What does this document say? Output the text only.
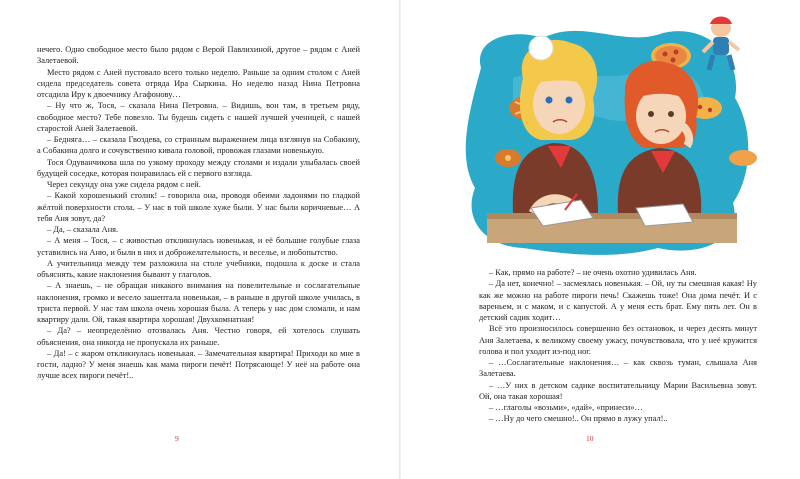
нечего. Одно свободное место было рядом с Верой Павлихиной, другое – рядом с Аней Залетаевой.

Место рядом с Аней пустовало всего только неделю. Раньше за одним столом с Аней сидела председатель совета отряда Ира Сыркина. Но неделю назад Нина Петровна отсадила Иру к двоечнику Агафонову…

– Ну что ж, Тося, – сказала Нина Петровна. – Видишь, вон там, в третьем ряду, свободное место? Тебе повезло. Ты будешь сидеть с нашей лучшей ученицей, с нашей старостой Аней Залетаевой.

– Бедняга… – сказала Гвоздева, со странным выражением лица взглянув на Собакину, а Собакина долго и сочувственно кивала головой, провожая глазами новенькую.

Тося Одуванчикова шла по узкому проходу между столами и издали улыбалась своей будущей соседке, которая понравилась ей с первого взгляда.

Через секунду она уже сидела рядом с ней.

– Какой хорошенький столик! – говорила она, проводя обеими ладонями по гладкой жёлтой поверхности стола. – У нас в той школе хуже были. У нас были коричневые… А тебя Аня зовут, да?

– Да, – сказала Аня.

– А меня – Тося, – с живостью откликнулась новенькая, и её большие голубые глаза уставились на Аню, и были в них и доброжелательность, и веселье, и любопытство.

А учительница между тем разложила на столе учебники, подошла к доске и стала объяснять, какие наклонения бывают у глаголов.

– А знаешь, – не обращая никакого внимания на повелительные и сослагательные наклонения, громко и весело зашептала новенькая, – в раньше в другой школе училась, в триста первой. У нас там школа очень хорошая была. А теперь у нас дом сломали, и нам квартиру дали. Ой, такая квартира хорошая! Двухкомнатная!

– Да? – неопределённо отозвалась Аня. Честно говоря, ей хотелось слушать объяснения, она никогда не пропускала их раньше.

– Да! – с жаром откликнулась новенькая. – Замечательная квартира! Приходи ко мне в гости, ладно? У меня знаешь как мама пироги печёт! Потрясающе! У неё на работе она лучше всех пироги печёт!..

9

– Как, прямо на работе? – не очень охотно удивилась Аня.

– Да нет, конечно! – засмеялась новенькая. – Ой, ну ты смешная какая! Ну как же можно на работе пироги печь! Скажешь тоже! Она дома печёт. И с вареньем, и с маком, и с капустой. А у меня есть брат. Ему пять лет. Он в детский садик ходит…

Всё это произносилось совершенно без остановок, и через десять минут Аня Залетаева, к великому своему ужасу, почувствовала, что у неё кружится голова и пол уходит из-под ног.

– …Сослагательные наклонения… – как сквозь туман, слышала Аня Залетаева.

– …У них в детском садике воспитательницу Марии Васильевна зовут. Ой, она такая хорошая!

– …глаголы «возьми», «дай», «принеси»…

– …Ну до чего смешно!.. Он прямо в лужу упал!..

10
